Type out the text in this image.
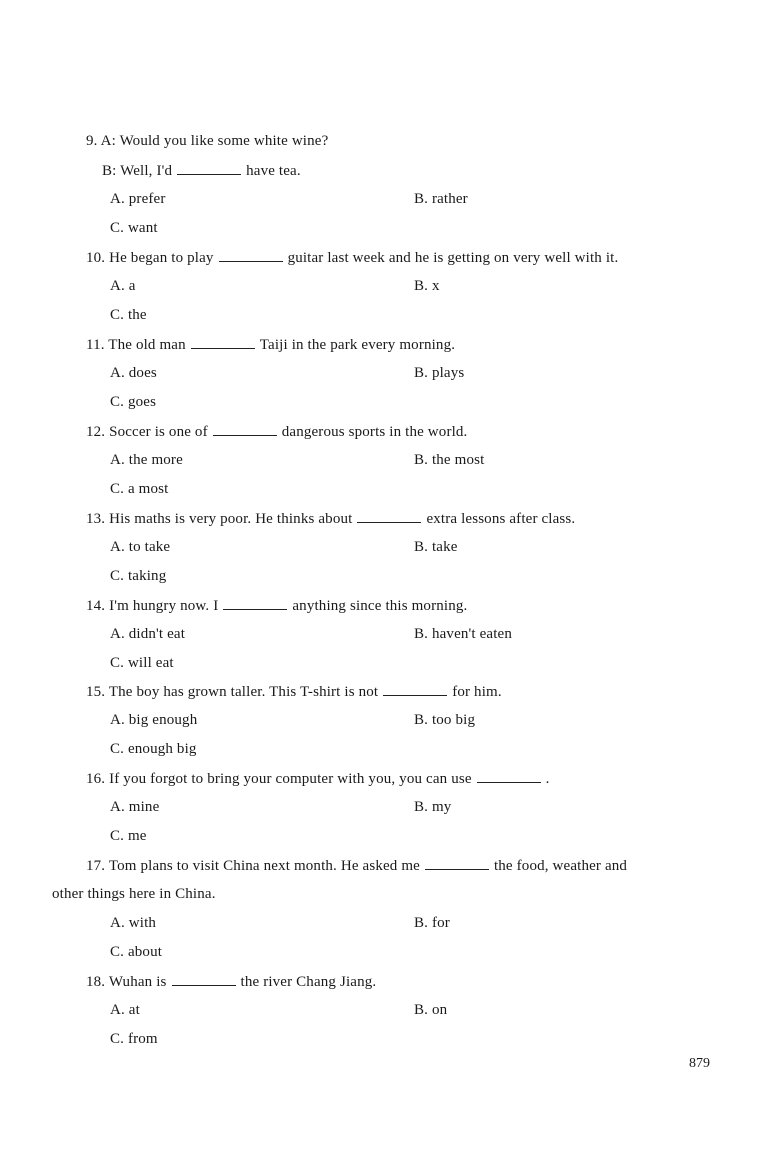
9. A: Would you like some white wine?
B: Well, I'd	have tea.
A. prefer	B. rather
C. want
10. He began to play	guitar last week and he is getting on very well with it.
A. a	B. x
C. the
11. The old man	Taiji in the park every morning.
A. does	B. plays
C. goes
12. Soccer is one of	dangerous sports in the world.
A. the more	B. the most
C. a most
13. His maths is very poor. He thinks about	extra lessons after class.
A. to take	B. take
C. taking
14. I'm hungry now. I	anything since this morning.
A. didn't eat	B. haven't eaten
C. will eat
15. The boy has grown taller. This T-shirt is not	for him.
A. big enough	B. too big
C. enough big
16. If you forgot to bring your computer with you, you can use	.
A. mine	B. my
C. me
17. Tom plans to visit China next month. He asked me	the food, weather and
other things here in China.
A. with	B. for
C. about
18. Wuhan is	the river Chang Jiang.
A. at	B. on
C. from
879
